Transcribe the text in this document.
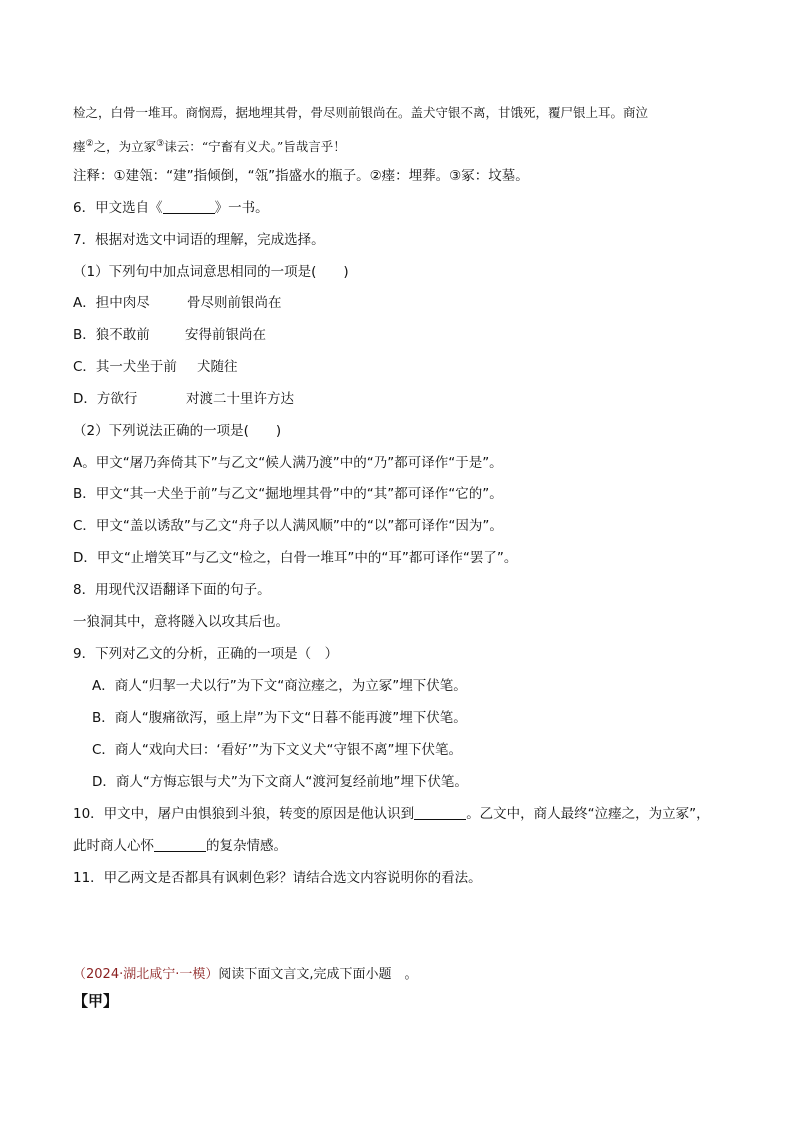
检之，白骨一堆耳。商悯焉，据地埋其骨，骨尽则前银尚在。盖犬守银不离，甘饿死，覆尸银上耳。商泣
瘗②之，为立冢③诔云：“宁畜有义犬。”旨哉言乎！
注释：①建瓴：“建”指倾倒，“瓴”指盛水的瓶子。②瘗：埋葬。③冢：坟墓。
6．甲文选自《	》一书。
7．根据对选文中词语的理解，完成选择。
（1）下列句中加点词意思相同的一项是(　　)
A．担中肉尽	骨尽则前银尚在
B．狼不敢前	安得前银尚在
C．其一犬坐于前 犬随往
D．方欲行	对渡二十里许方达
（2）下列说法正确的一项是(　　)
A。甲文“屠乃奔倚其下”与乙文“候人满乃渡”中的“乃”都可译作“于是”。
B．甲文“其一犬坐于前”与乙文“掘地埋其骨”中的“其”都可译作“它的”。
C．甲文“盖以诱敌”与乙文“舟子以人满风顺”中的“以”都可译作“因为”。
D．甲文“止增笑耳”与乙文“检之，白骨一堆耳”中的“耳”都可译作“罢了”。
8．用现代汉语翻译下面的句子。
一狼洞其中，意将隧入以攻其后也。
9．下列对乙文的分析，正确的一项是（　）
A．商人“归挈一犬以行”为下文“商泣瘗之，为立冢”埋下伏笔。
B．商人“腹痛欲泻，亟上岸”为下文“日暮不能再渡”埋下伏笔。
C．商人“戏向犬曰：‘看好’”为下文义犬“守银不离”埋下伏笔。
D．商人“方悔忘银与犬”为下文商人“渡河复经前地”埋下伏笔。
10．甲文中，屠户由惧狼到斗狼，转变的原因是他认识到	。乙文中，商人最终“泣瘗之，为立冢”，
此时商人心怀	的复杂情感。
11．甲乙两文是否都具有讽刺色彩？请结合选文内容说明你的看法。
（2024·湖北咸宁·一模）阅读下面文言文,完成下面小题　。
【甲】
